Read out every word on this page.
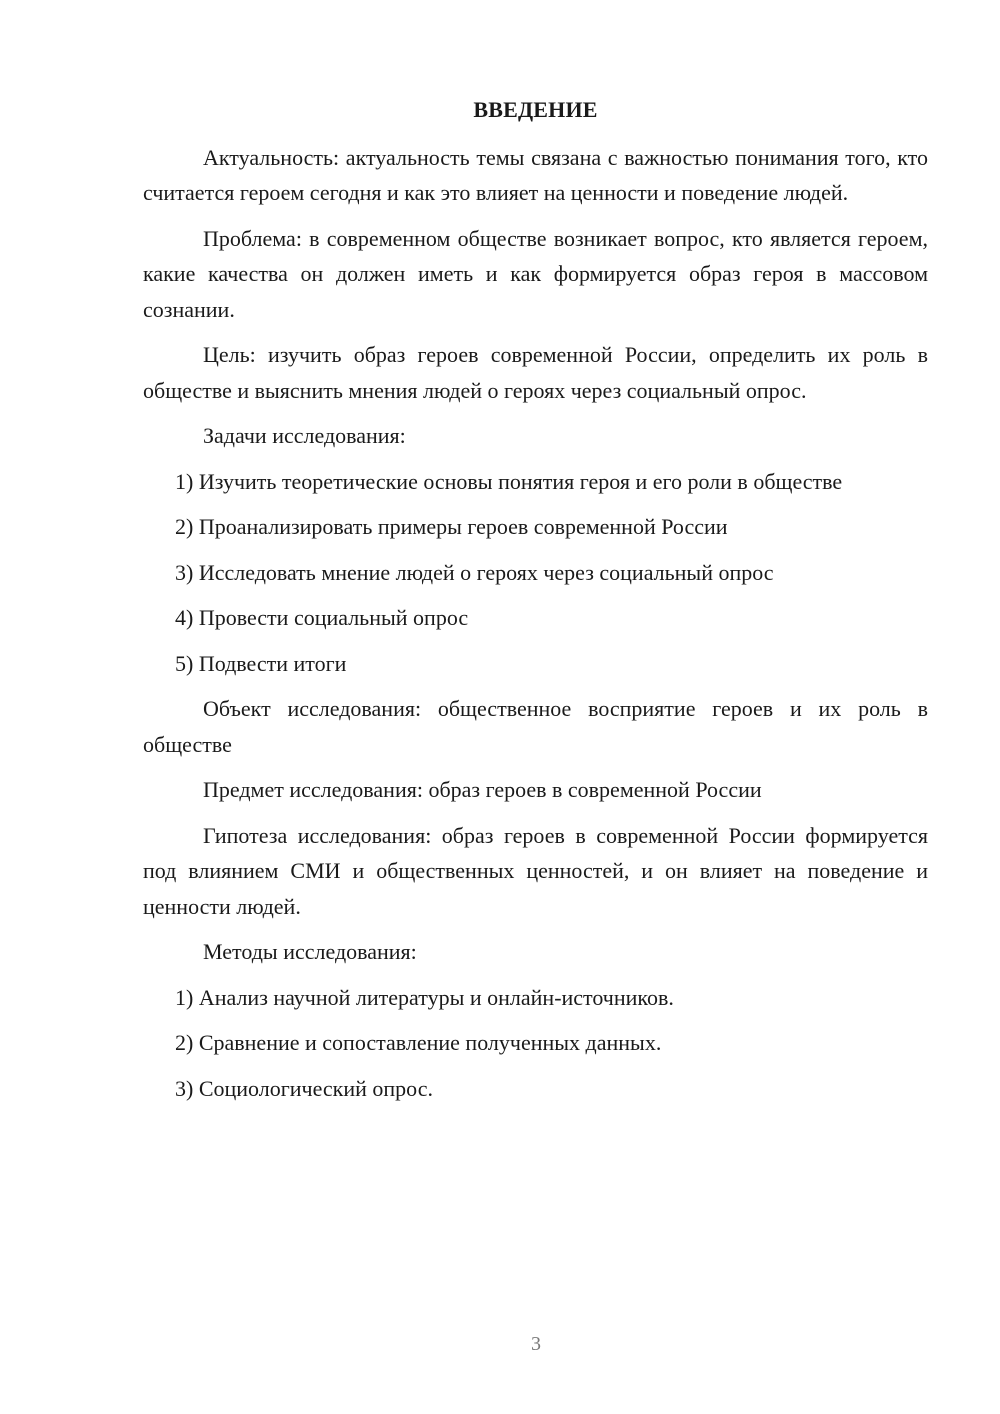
ВВЕДЕНИЕ

Актуальность: актуальность темы связана с важностью понимания того, кто считается героем сегодня и как это влияет на ценности и поведение людей.

Проблема: в современном обществе возникает вопрос, кто является героем, какие качества он должен иметь и как формируется образ героя в массовом сознании.

Цель: изучить образ героев современной России, определить их роль в обществе и выяснить мнения людей о героях через социальный опрос.

Задачи исследования:

1) Изучить теоретические основы понятия героя и его роли в обществе
2) Проанализировать примеры героев современной России
3) Исследовать мнение людей о героях через социальный опрос
4) Провести социальный опрос
5) Подвести итоги

Объект исследования: общественное восприятие героев и их роль в обществе

Предмет исследования: образ героев в современной России

Гипотеза исследования: образ героев в современной России формируется под влиянием СМИ и общественных ценностей, и он влияет на поведение и ценности людей.

Методы исследования:

1) Анализ научной литературы и онлайн-источников.
2) Сравнение и сопоставление полученных данных.
3) Социологический опрос.
3
